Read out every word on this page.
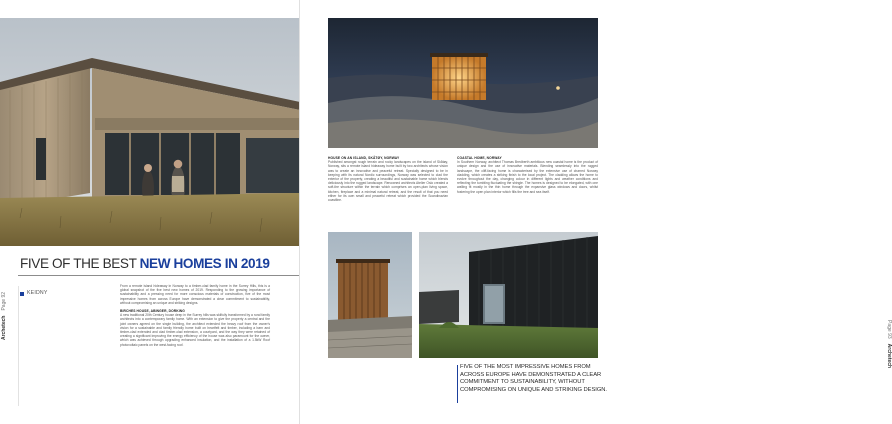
FIVE OF THE BEST NEW HOMES IN 2019
KEIDNY

From a remote island hideaway in Norway to a timber-clad family home in the Surrey Hills, this is a global snapshot of the five best new homes of 2019. Responding to the growing importance of sustainability and a pressing need for more conscious materials of construction, five of the most impressive homes from across Europe have demonstrated a clear commitment to sustainability, without compromising an unique and striking designs.

BIRCHES HOUSE, ABINGER, DORKING

A new traditional 20th Century house deep in the Surrey hills was skilfully transformed by a rural family architects into a contemporary family home. With an extension to give the property a central and the joint owners agreed on the single building, the architect extended the heavy roof from the owner's vision for a sustainable and family friendly home built on heartfelt and timber, including a barn and timber-clad extended and clad timber-clad extension, a courtyard, and the way they were retained of creating a significant improving the energy efficiency of the house was also paramount for the owner, which was achieved through upgrading enhanced insulation, and the installation of a 1.5kW Roof photovoltaic panels on the west-facing roof.

ArchetechPage 92
HOUSE ON AN ISLAND, SKÅTØY, NORWAY

Published amongst rough terrain and rocky landscapes on the island of Skåtøy, Norway, sits a remote island hideaway home built by two architects whose vision was to create an innovative and peaceful retreat. Specially designed to be in keeping with its natural Nordic surroundings, Norway was selected to clad the exterior of the property, creating a beautiful and sustainable home which blends deliciously into the rugged landscape. Renowned architects Atelier Oslo created a soft-the structure within the terrain which comprises an open-plan living space, kitchen, fireplace and a minimal natural retreat, and the result of that you need either for its own small and peaceful retreat which provided the Scandinavian coastline.

COASTAL HOME, NORWAY

In Southern Norway, architect Thomas Bredberth ambitious new coastal home is the product of unique design and the use of innovative materials. Blending seamlessly into the rugged landscape, the cliff-facing home is characterised by the extensive use of charred Norway cladding, which creates a striking finish to the local project. The cladding allows the home to evolve throughout the day, changing colour in different lights and weather conditions and reflecting the tumbling fluctuating the shingle. The homes is designed to be elongated, with one walling fit mostly in the thin home through the expansive glass windows and doors, whilst fostering the open plan interior which fills the tree and sea itself.

FIVE OF THE MOST IMPRESSIVE HOMES FROM ACROSS EUROPE HAVE DEMONSTRATED A CLEAR COMMITMENT TO SUSTAINABILITY, WITHOUT COMPROMISING ON UNIQUE AND STRIKING DESIGN.
Page 93Archetech
